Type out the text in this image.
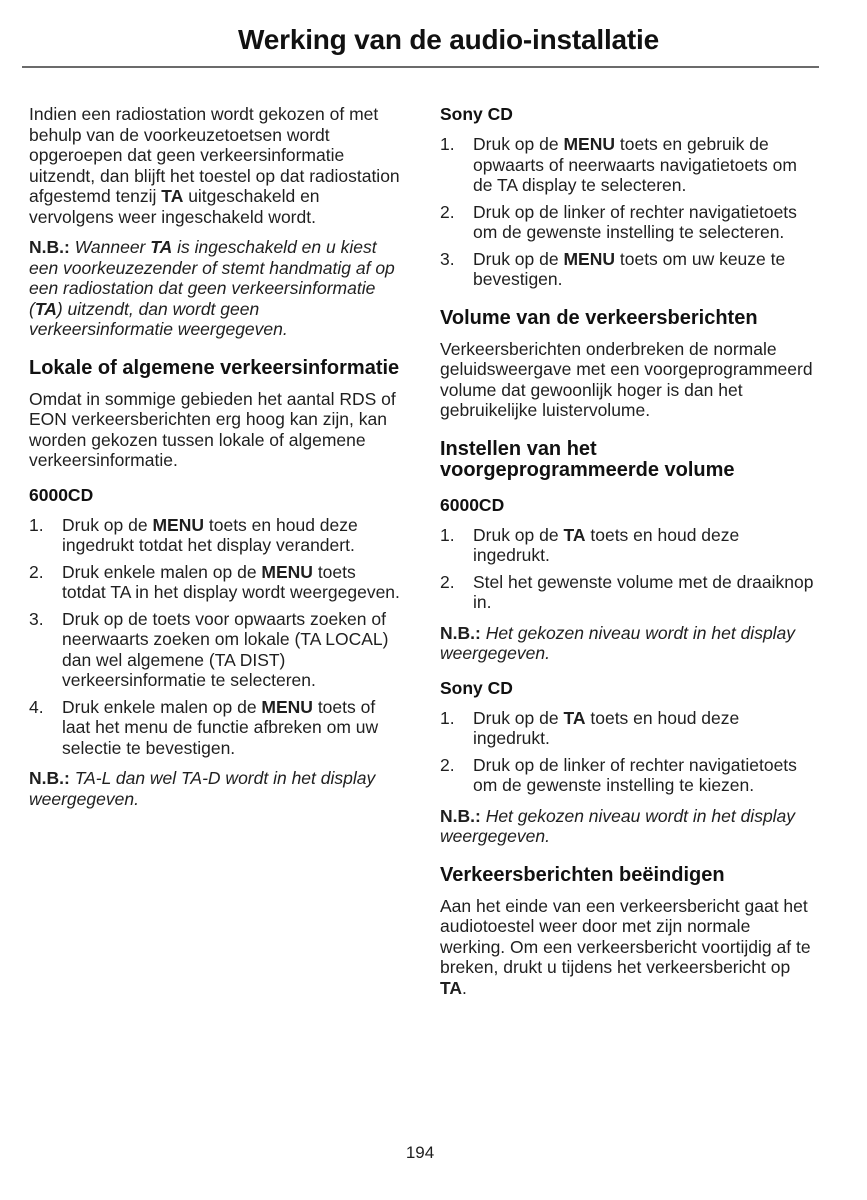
Werking van de audio-installatie

Indien een radiostation wordt gekozen of met behulp van de voorkeuzetoetsen wordt opgeroepen dat geen verkeersinformatie uitzendt, dan blijft het toestel op dat radiostation afgestemd tenzij TA uitgeschakeld en vervolgens weer ingeschakeld wordt.

N.B.: Wanneer TA is ingeschakeld en u kiest een voorkeuzezender of stemt handmatig af op een radiostation dat geen verkeersinformatie (TA) uitzendt, dan wordt geen verkeersinformatie weergegeven.

Lokale of algemene verkeersinformatie

Omdat in sommige gebieden het aantal RDS of EON verkeersberichten erg hoog kan zijn, kan worden gekozen tussen lokale of algemene verkeersinformatie.

6000CD
1. Druk op de MENU toets en houd deze ingedrukt totdat het display verandert.
2. Druk enkele malen op de MENU toets totdat TA in het display wordt weergegeven.
3. Druk op de toets voor opwaarts zoeken of neerwaarts zoeken om lokale (TA LOCAL) dan wel algemene (TA DIST) verkeersinformatie te selecteren.
4. Druk enkele malen op de MENU toets of laat het menu de functie afbreken om uw selectie te bevestigen.

N.B.: TA-L dan wel TA-D wordt in het display weergegeven.

Sony CD
1. Druk op de MENU toets en gebruik de opwaarts of neerwaarts navigatietoets om de TA display te selecteren.
2. Druk op de linker of rechter navigatietoets om de gewenste instelling te selecteren.
3. Druk op de MENU toets om uw keuze te bevestigen.
Volume van de verkeersberichten

Verkeersberichten onderbreken de normale geluidsweergave met een voorgeprogrammeerd volume dat gewoonlijk hoger is dan het gebruikelijke luistervolume.

Instellen van het voorgeprogrammeerde volume
6000CD
1. Druk op de TA toets en houd deze ingedrukt.
2. Stel het gewenste volume met de draaiknop in.

N.B.: Het gekozen niveau wordt in het display weergegeven.

Sony CD
1. Druk op de TA toets en houd deze ingedrukt.
2. Druk op de linker of rechter navigatietoets om de gewenste instelling te kiezen.

N.B.: Het gekozen niveau wordt in het display weergegeven.

Verkeersberichten beëindigen

Aan het einde van een verkeersbericht gaat het audiotoestel weer door met zijn normale werking. Om een verkeersbericht voortijdig af te breken, drukt u tijdens het verkeersbericht op TA.

194
